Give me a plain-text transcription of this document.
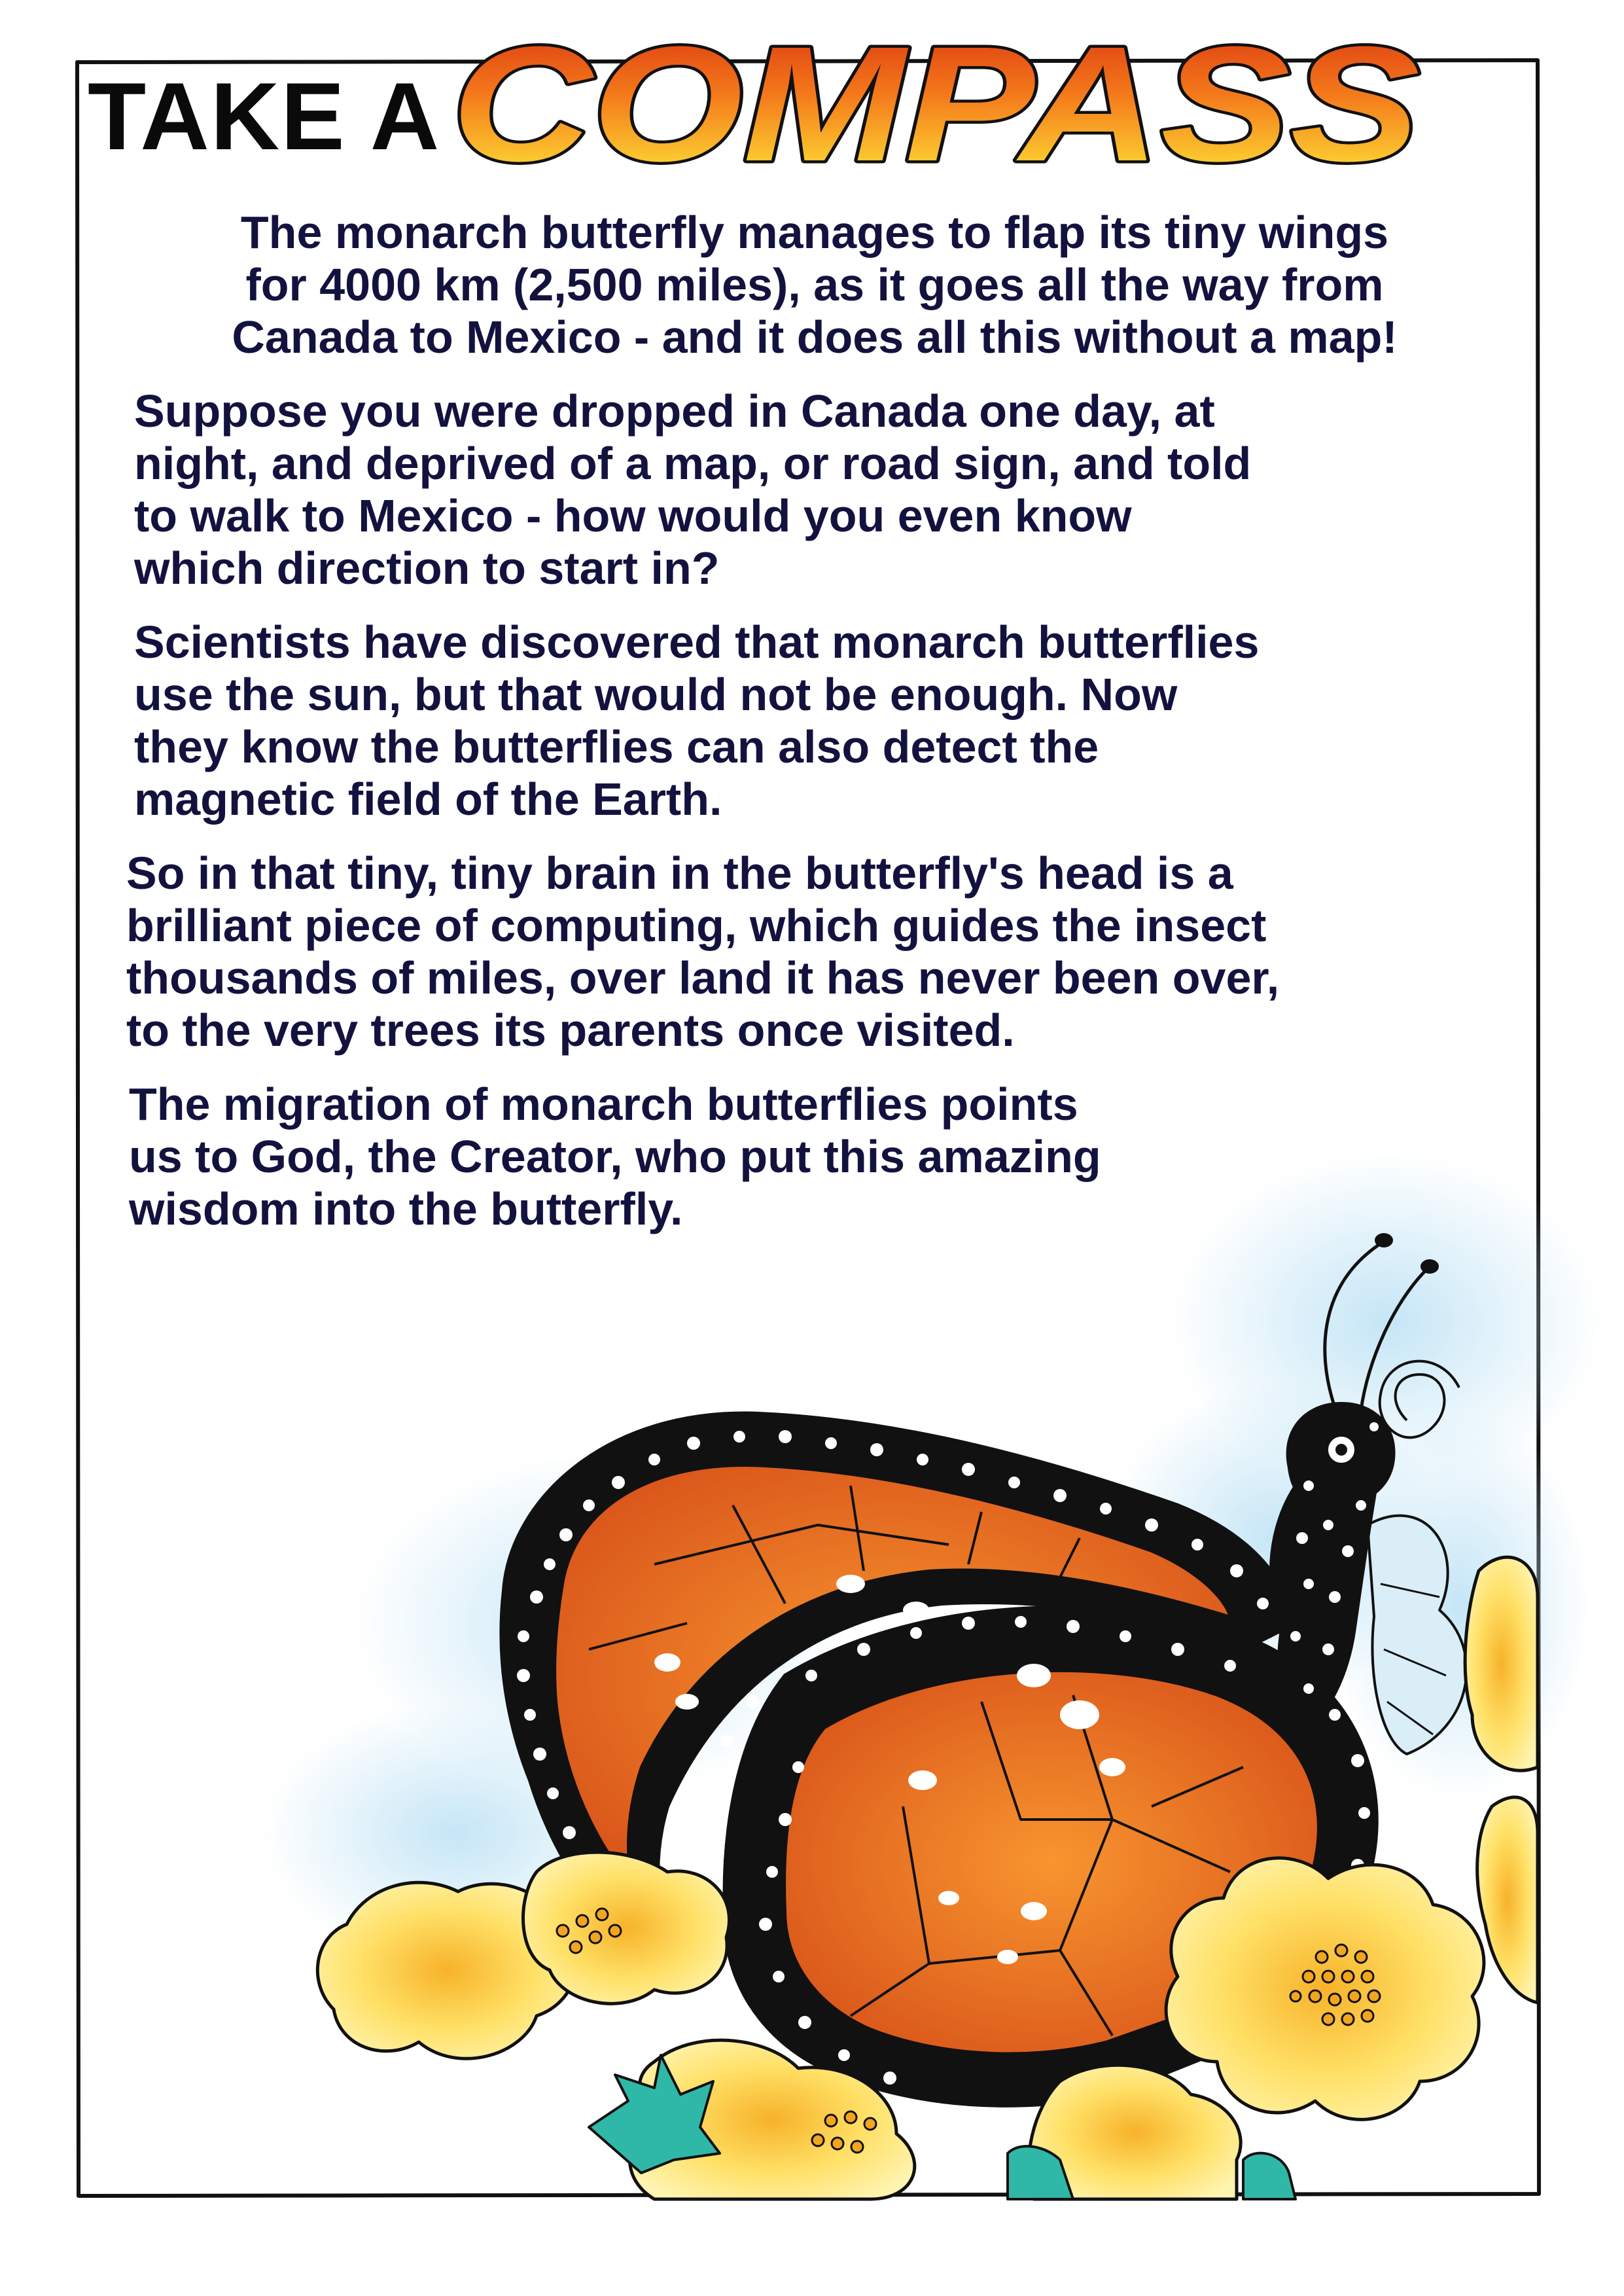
TAKE A COMPASS

The monarch butterfly manages to flap its tiny wings
for 4000 km (2,500 miles), as it goes all the way from
Canada to Mexico - and it does all this without a map!

Suppose you were dropped in Canada one day, at
night, and deprived of a map, or road sign, and told
to walk to Mexico - how would you even know
which direction to start in?

Scientists have discovered that monarch butterflies
use the sun, but that would not be enough. Now
they know the butterflies can also detect the
magnetic field of the Earth.

So in that tiny, tiny brain in the butterfly's head is a
brilliant piece of computing, which guides the insect
thousands of miles, over land it has never been over,
to the very trees its parents once visited.

The migration of monarch butterflies points
us to God, the Creator, who put this amazing
wisdom into the butterfly.
